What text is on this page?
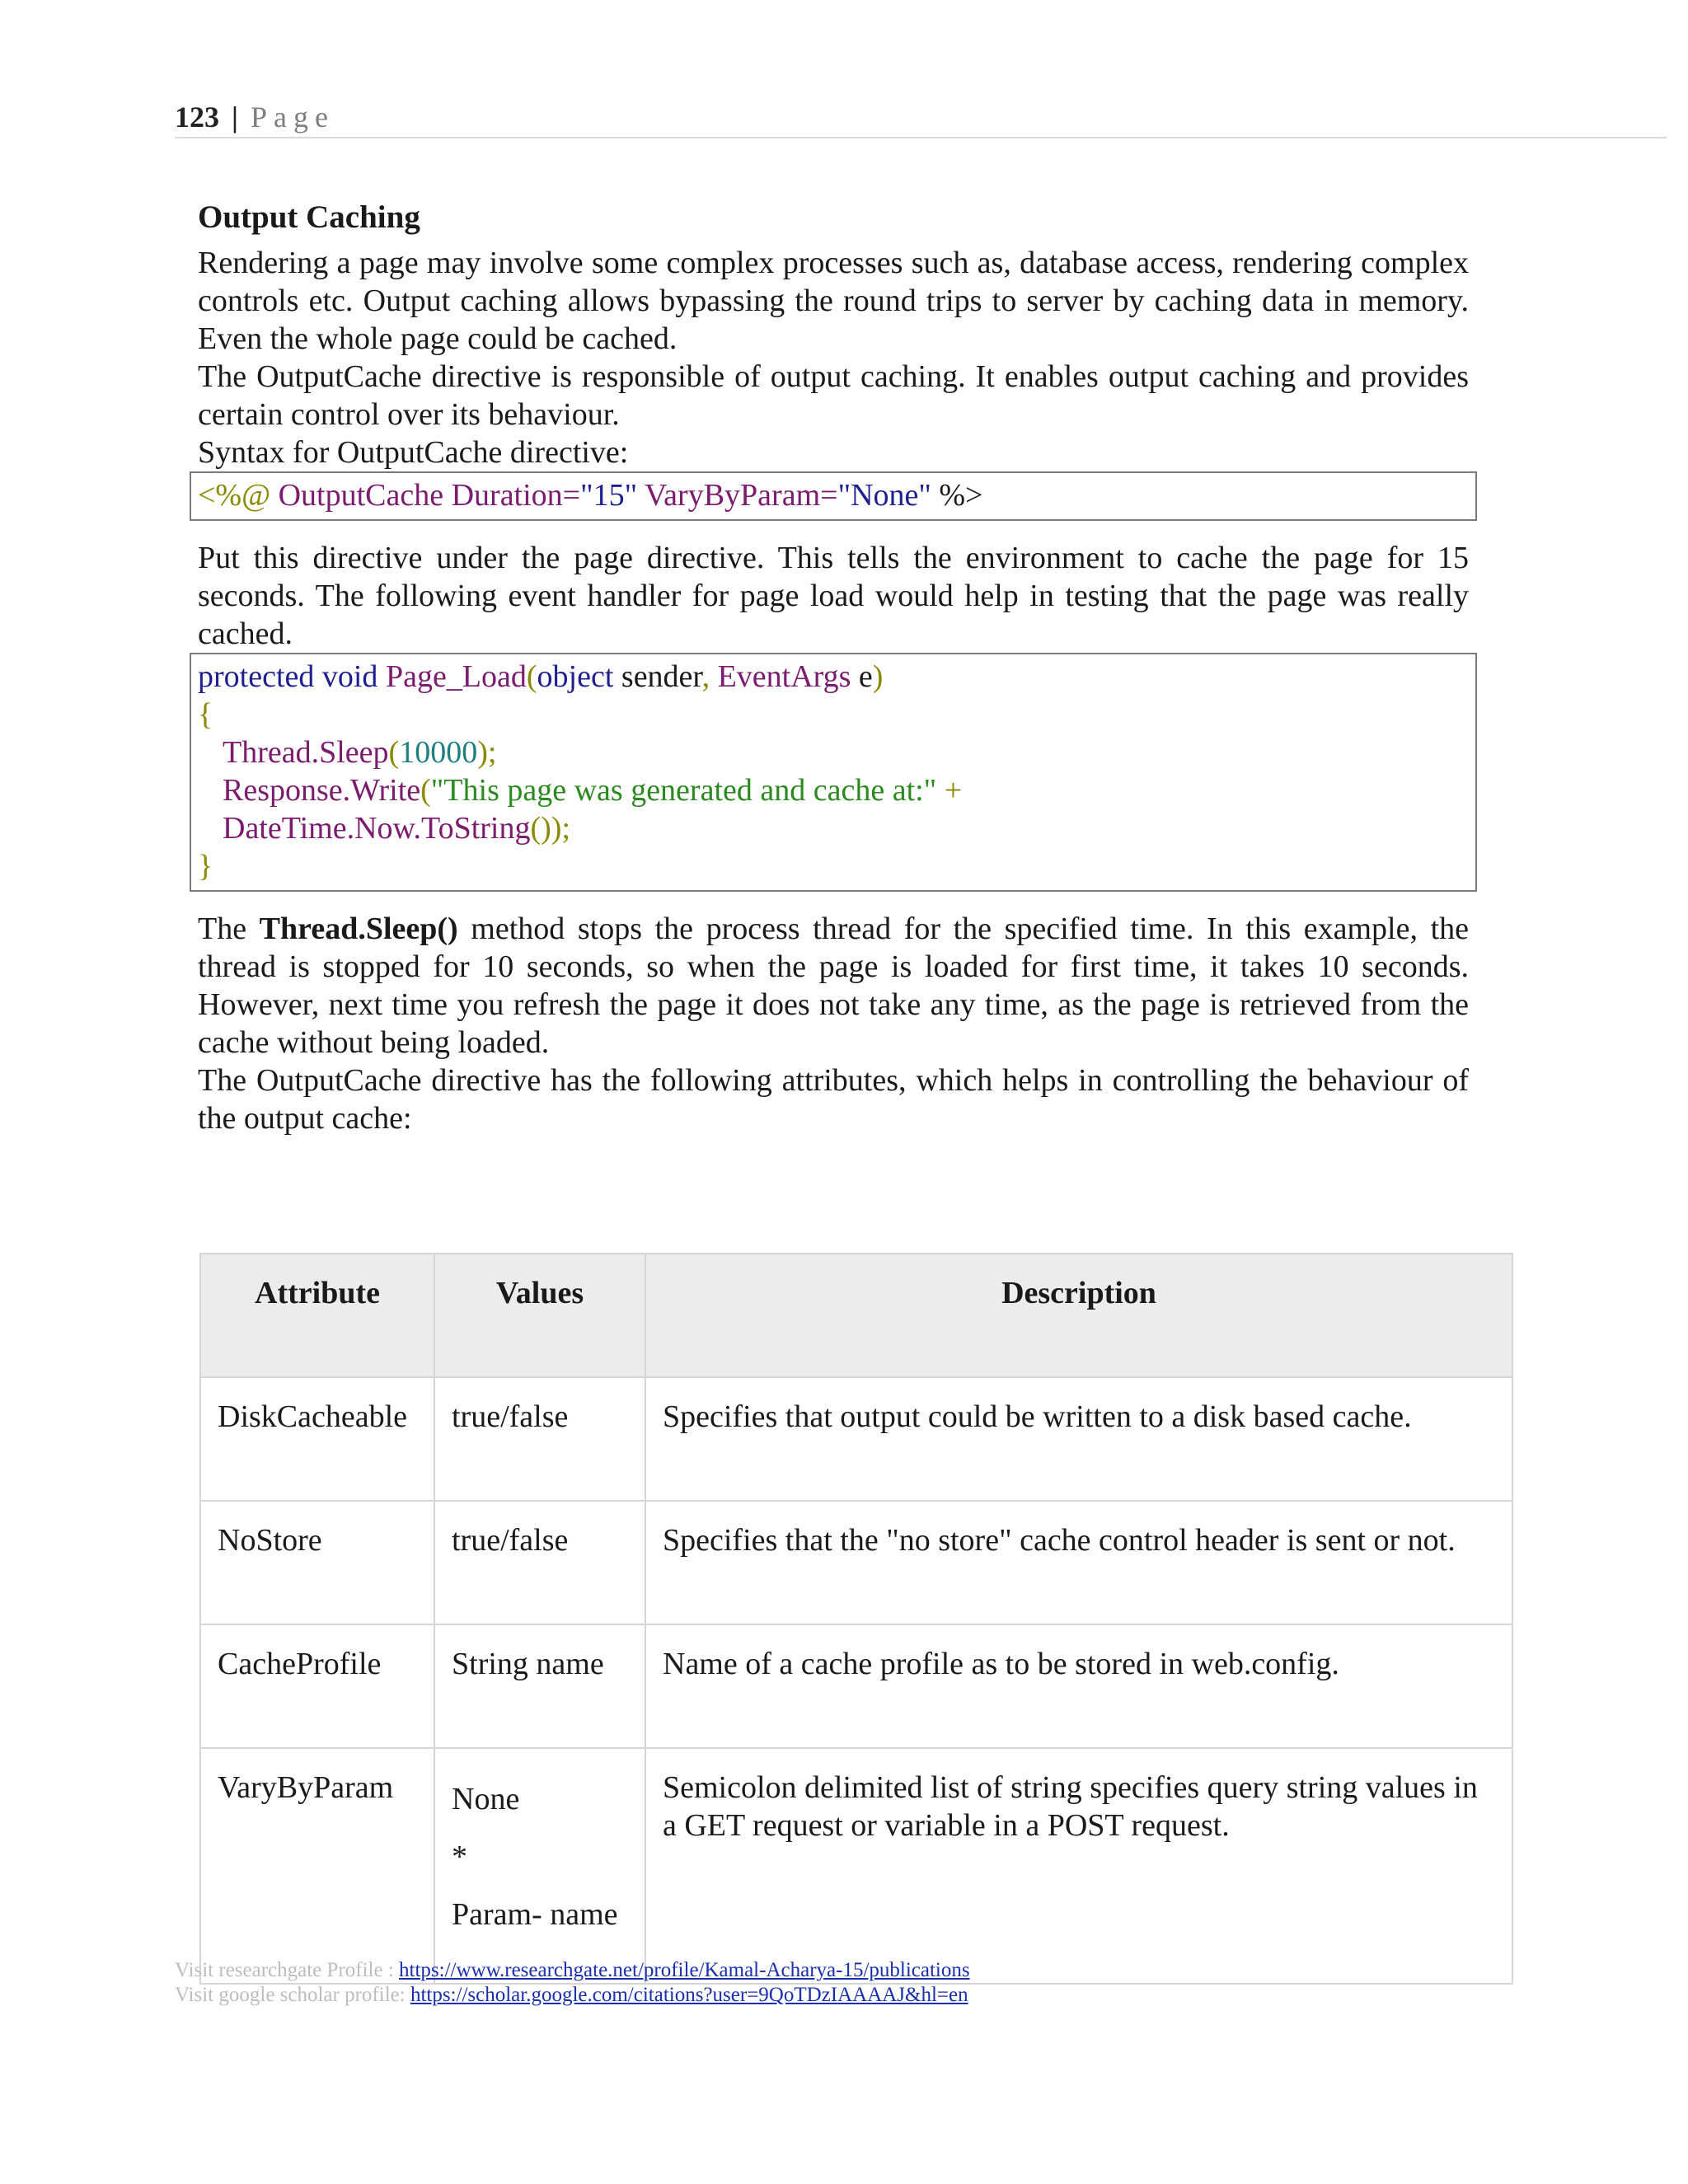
123 | Page

Output Caching

Rendering a page may involve some complex processes such as, database access, rendering complex controls etc. Output caching allows bypassing the round trips to server by caching data in memory. Even the whole page could be cached.

The OutputCache directive is responsible of output caching. It enables output caching and provides certain control over its behaviour.

Syntax for OutputCache directive:

<%@ OutputCache Duration="15" VaryByParam="None" %>

Put this directive under the page directive. This tells the environment to cache the page for 15 seconds. The following event handler for page load would help in testing that the page was really cached.

protected void Page_Load(object sender, EventArgs e)
{
Thread.Sleep(10000);
Response.Write("This page was generated and cache at:" +
DateTime.Now.ToString());
}

The Thread.Sleep() method stops the process thread for the specified time. In this example, the thread is stopped for 10 seconds, so when the page is loaded for first time, it takes 10 seconds. However, next time you refresh the page it does not take any time, as the page is retrieved from the cache without being loaded.

The OutputCache directive has the following attributes, which helps in controlling the behaviour of the output cache:

Attribute	Values	Description
DiskCacheable	true/false	Specifies that output could be written to a disk based cache.
NoStore	true/false	Specifies that the "no store" cache control header is sent or not.
CacheProfile	String name	Name of a cache profile as to be stored in web.config.
VaryByParam	None
*
Param- name	Semicolon delimited list of string specifies query string values in a GET request or variable in a POST request.
Visit researchgate Profile : https://www.researchgate.net/profile/Kamal-Acharya-15/publications
Visit google scholar profile: https://scholar.google.com/citations?user=9QoTDzIAAAAJ&hl=en
